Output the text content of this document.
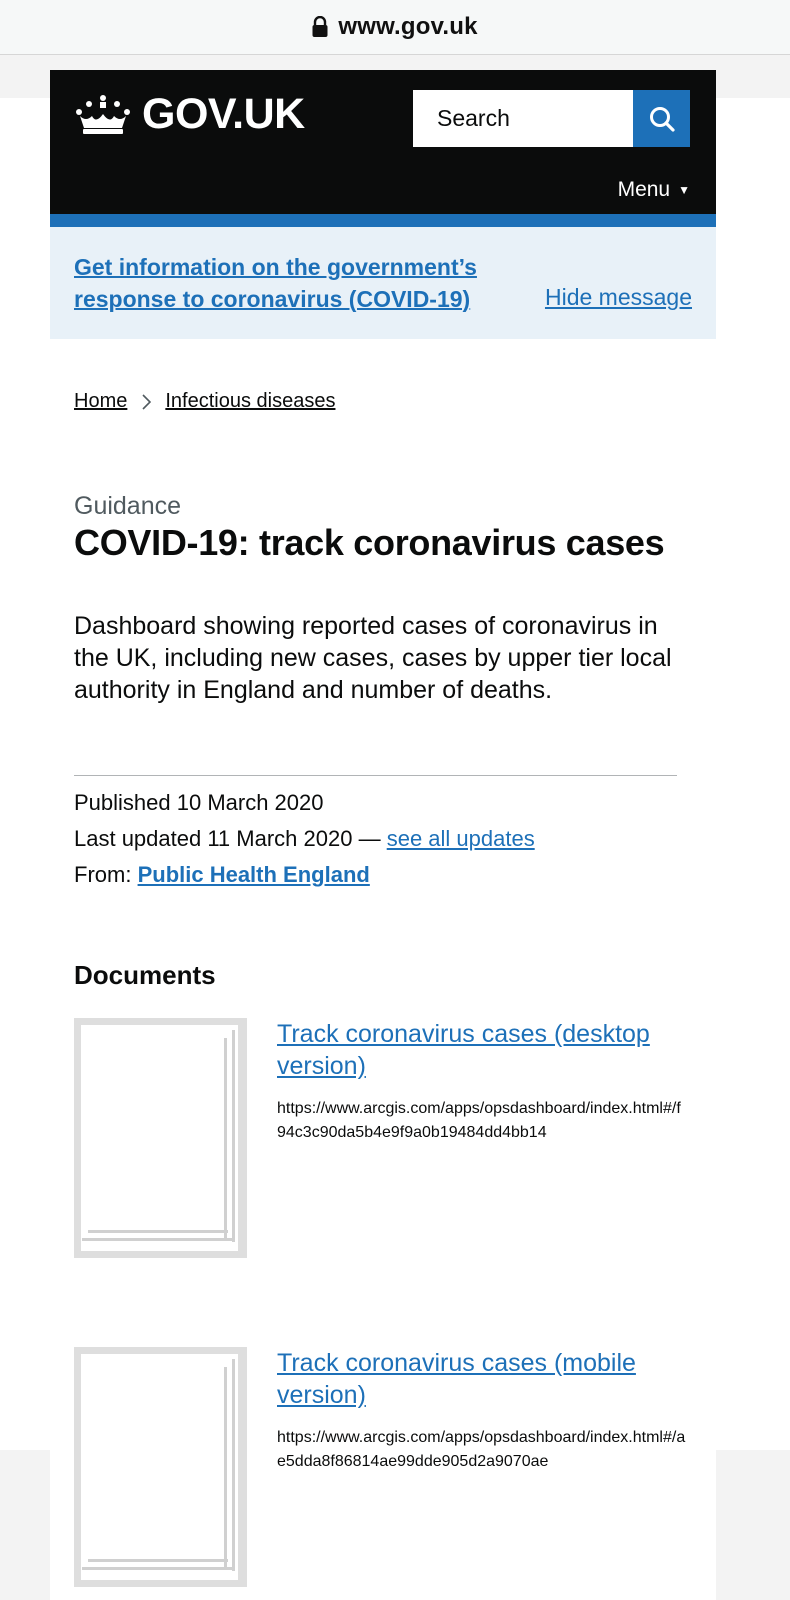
www.gov.uk
GOV.UK	Search
Menu ▼
Get information on the government’s response to coronavirus (COVID-19)	Hide message
Home Infectious diseases
Guidance
COVID-19: track coronavirus cases

Dashboard showing reported cases of coronavirus in the UK, including new cases, cases by upper tier local authority in England and number of deaths.

Published 10 March 2020
Last updated 11 March 2020 — see all updates
From: Public Health England
Documents
Track coronavirus cases (desktop version)
https://www.arcgis.com/apps/opsdashboard/index.html#/f94c3c90da5b4e9f9a0b19484dd4bb14
Track coronavirus cases (mobile version)
https://www.arcgis.com/apps/opsdashboard/index.html#/ae5dda8f86814ae99dde905d2a9070ae
